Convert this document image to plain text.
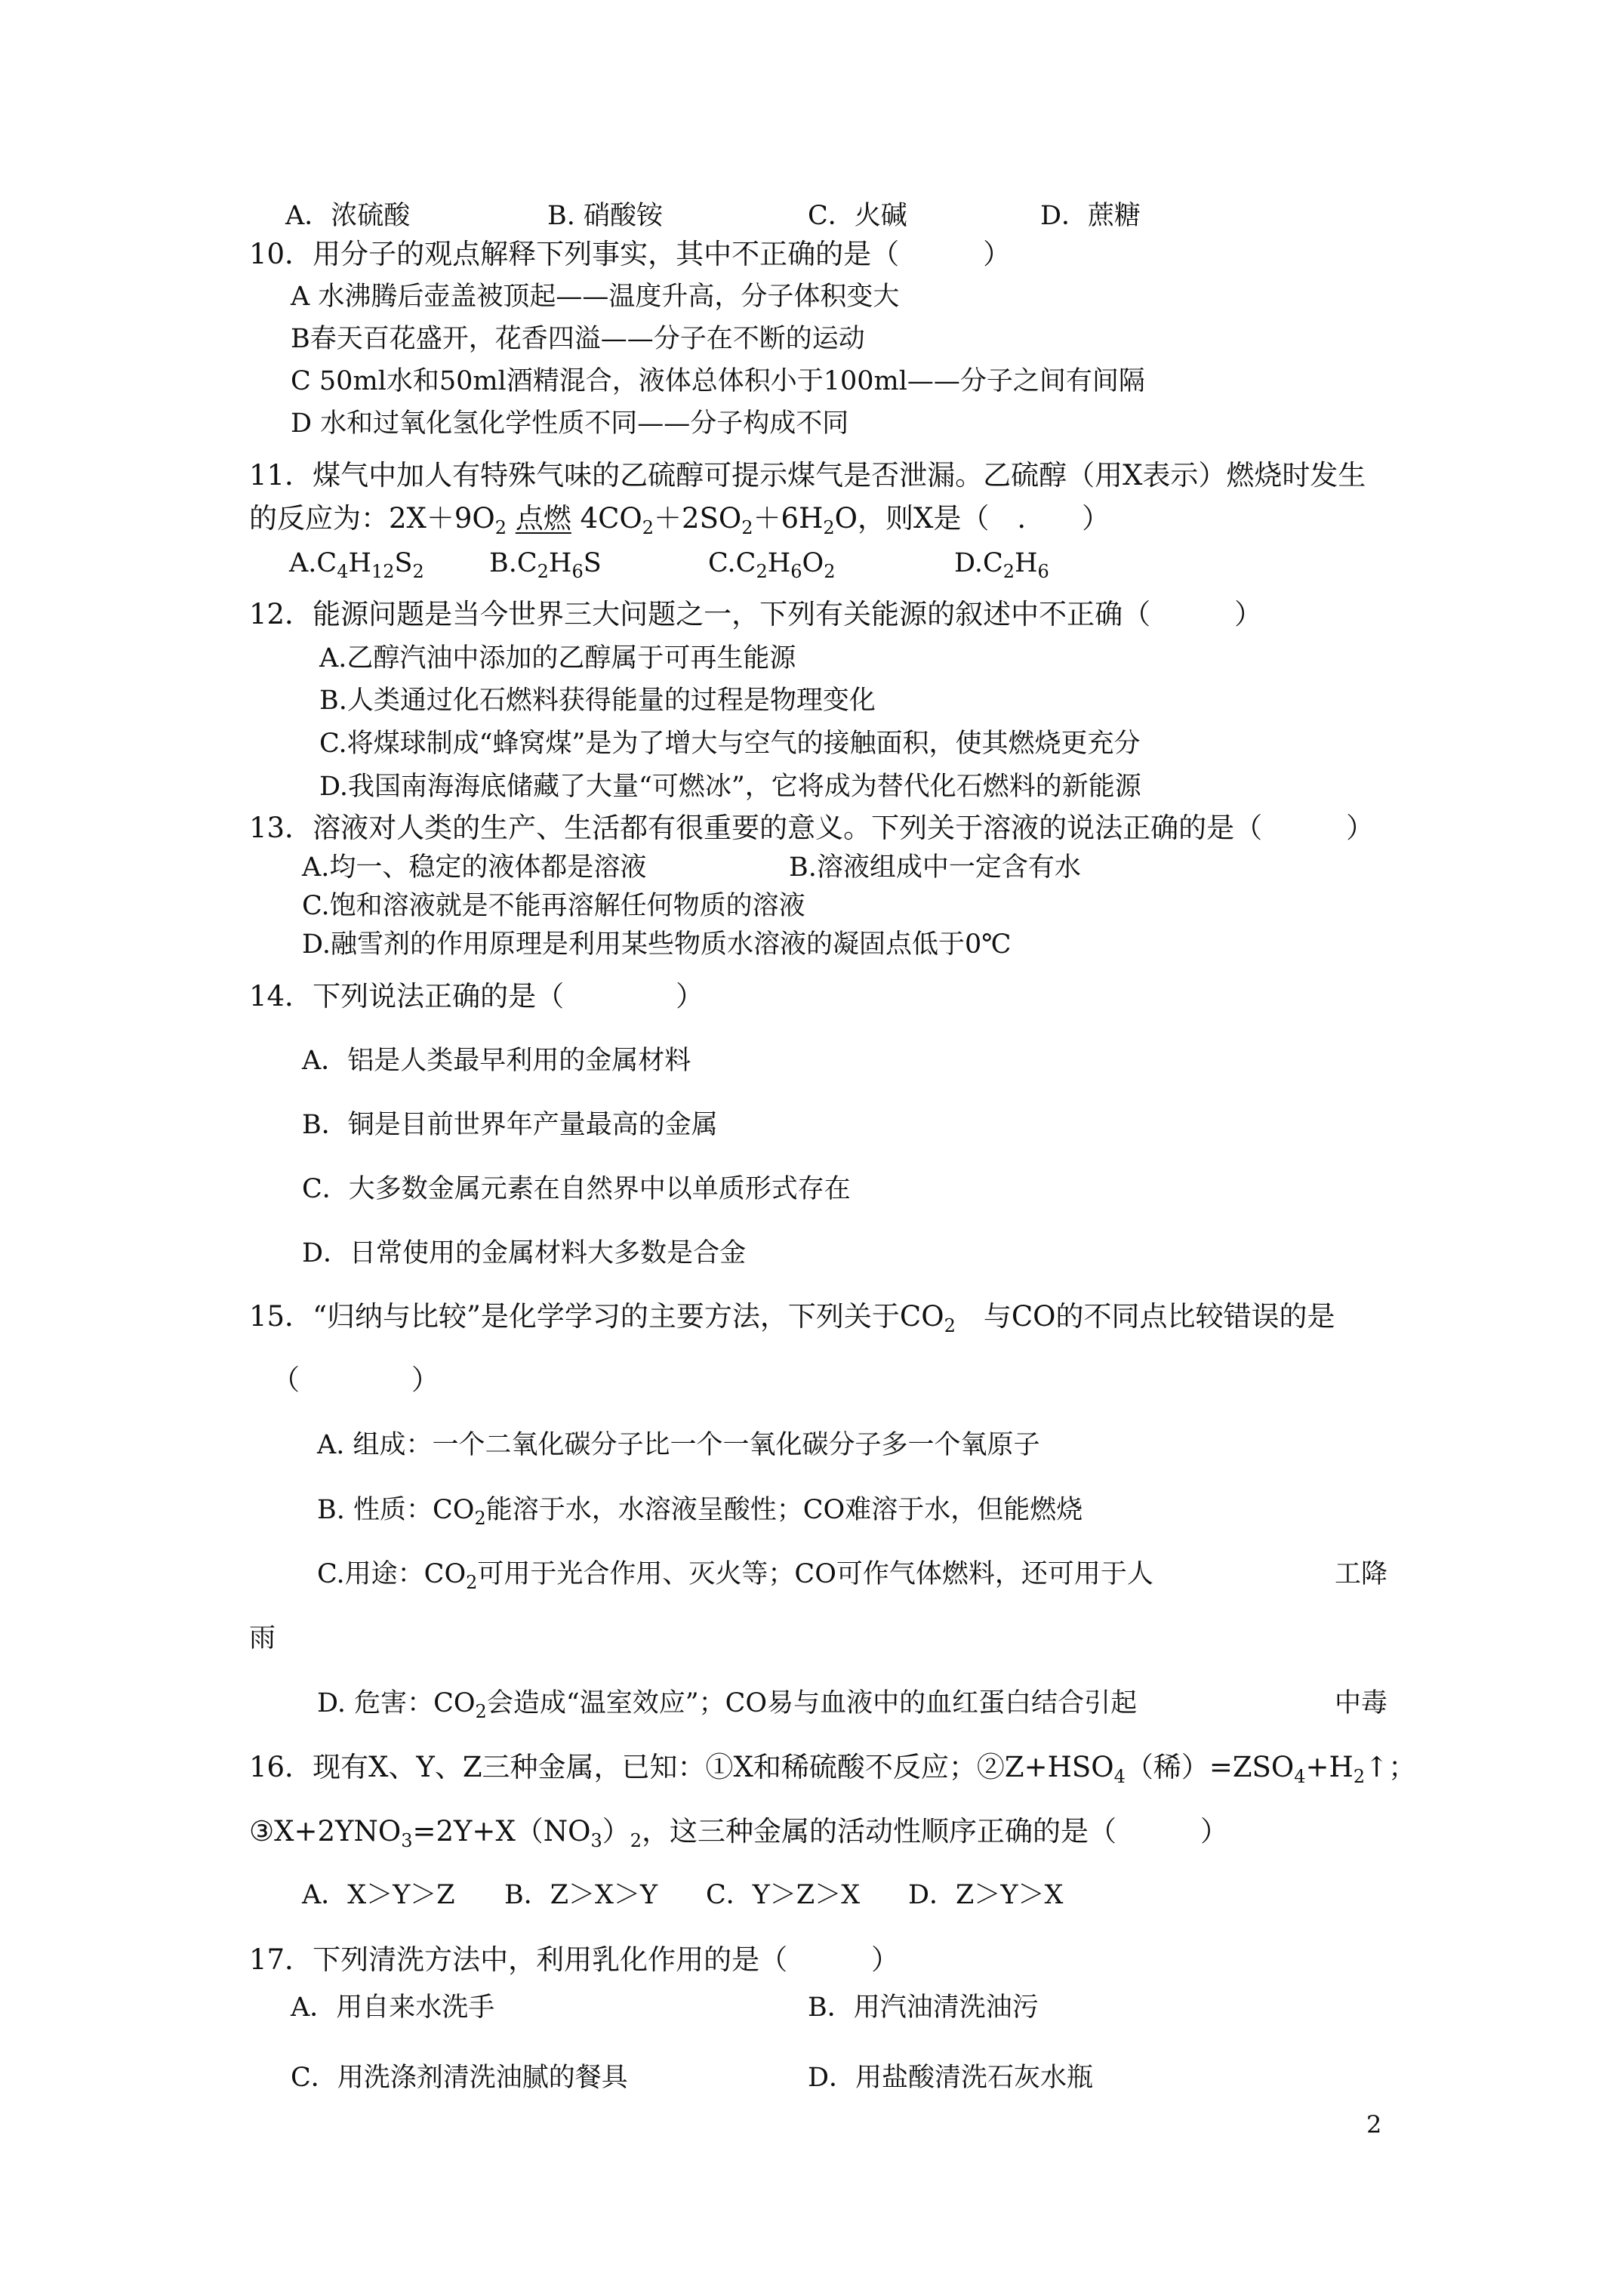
A．浓硫酸	B. 硝酸铵	C．火碱	D．蔗糖
10．用分子的观点解释下列事实，其中不正确的是（　　　）
A 水沸腾后壶盖被顶起——温度升高，分子体积变大
B春天百花盛开，花香四溢——分子在不断的运动
C 50ml水和50ml酒精混合，液体总体积小于100ml——分子之间有间隔
D 水和过氧化氢化学性质不同——分子构成不同
11．煤气中加人有特殊气味的乙硫醇可提示煤气是否泄漏。乙硫醇（用X表示）燃烧时发生
的反应为：$2X+9O_2$ 点燃 $4CO_2+2SO_2+6H_2O$，则X是（　.　　）
$A.C_4H_{12}S_2$ $B.C_2H_6S$	$C.C_2H_6O_2$	$D.C_2H_6$
12．能源问题是当今世界三大问题之一，下列有关能源的叙述中不正确（　　　）
A.乙醇汽油中添加的乙醇属于可再生能源
B.人类通过化石燃料获得能量的过程是物理变化
C.将煤球制成“蜂窝煤”是为了增大与空气的接触面积，使其燃烧更充分
D.我国南海海底储藏了大量“可燃冰”，它将成为替代化石燃料的新能源
13．溶液对人类的生产、生活都有很重要的意义。下列关于溶液的说法正确的是（　　　）
A.均一、稳定的液体都是溶液	B.溶液组成中一定含有水
C.饱和溶液就是不能再溶解任何物质的溶液
D.融雪剂的作用原理是利用某些物质水溶液的凝固点低于0℃
14．下列说法正确的是（　　　　）
A．铝是人类最早利用的金属材料
B．铜是目前世界年产量最高的金属
C．大多数金属元素在自然界中以单质形式存在
D．日常使用的金属材料大多数是合金
15．“归纳与比较”是化学学习的主要方法，下列关于$CO_2$　与CO的不同点比较错误的是
（　　　　）
A. 组成：一个二氧化碳分子比一个一氧化碳分子多一个氧原子
B. 性质：$CO_2$能溶于水，水溶液呈酸性；CO难溶于水，但能燃烧
C.用途：$CO_2$可用于光合作用、灭火等；CO可作气体燃料，还可用于人	工降
雨
D. 危害：$CO_2$会造成“温室效应”；CO易与血液中的血红蛋白结合引起	中毒
16．现有X、Y、Z三种金属，已知：①X和稀硫酸不反应；$②Z+HSO_4$（稀）$=ZSO_4+H_2↑$；
$③X+2YNO_3=2Y+X(NO_3)_2$，这三种金属的活动性顺序正确的是（　　　）
A．X＞Y＞Z B．Z＞X＞Y C．Y＞Z＞X D．Z＞Y＞X
17．下列清洗方法中，利用乳化作用的是（　　　）
A．用自来水洗手	B．用汽油清洗油污
C．用洗涤剂清洗油腻的餐具	D．用盐酸清洗石灰水瓶
2
